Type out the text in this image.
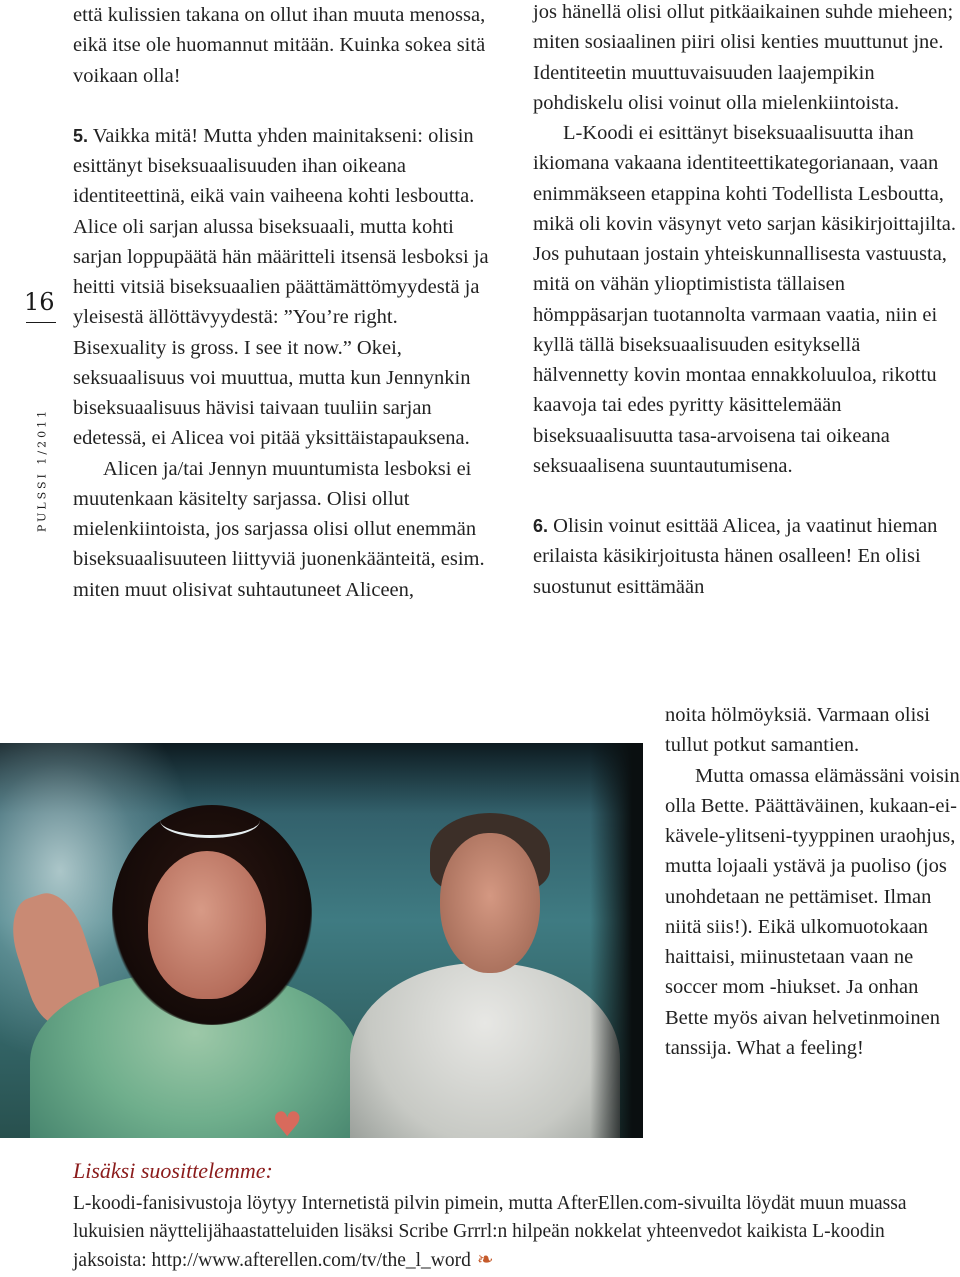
16
PULSSI 1/2011

että kulissien takana on ollut ihan muuta menossa, eikä itse ole huomannut mitään. Kuinka sokea sitä voikaan olla!

5. Vaikka mitä! Mutta yhden mainitakseni: olisin esittänyt biseksuaalisuuden ihan oikeana identiteettinä, eikä vain vaiheena kohti lesboutta. Alice oli sarjan alussa biseksuaali, mutta kohti sarjan loppupäätä hän määritteli itsensä lesboksi ja heitti vitsiä biseksuaalien päättämättömyydestä ja yleisestä ällöttävyydestä: ”You’re right. Bisexuality is gross. I see it now.” Okei, seksuaalisuus voi muuttua, mutta kun Jennynkin biseksuaalisuus hävisi taivaan tuuliin sarjan edetessä, ei Alicea voi pitää yksittäistapauksena.

Alicen ja/tai Jennyn muuntumista lesboksi ei muutenkaan käsitelty sarjassa. Olisi ollut mielenkiintoista, jos sarjassa olisi ollut enemmän biseksuaalisuuteen liittyviä juonenkäänteitä, esim. miten muut olisivat suhtautuneet Aliceen,

jos hänellä olisi ollut pitkäaikainen suhde mieheen; miten sosiaalinen piiri olisi kenties muuttunut jne. Identiteetin muuttuvaisuuden laajempikin pohdiskelu olisi voinut olla mielenkiintoista.

L-Koodi ei esittänyt biseksuaalisuutta ihan ikiomana vakaana identiteettikategorianaan, vaan enimmäkseen etappina kohti Todellista Lesboutta, mikä oli kovin väsynyt veto sarjan käsikirjoittajilta. Jos puhutaan jostain yhteiskunnallisesta vastuusta, mitä on vähän ylioptimistista tällaisen hömppäsarjan tuotannolta varmaan vaatia, niin ei kyllä tällä biseksuaalisuuden esityksellä hälvennetty kovin montaa ennakkoluuloa, rikottu kaavoja tai edes pyritty käsittelemään biseksuaalisuutta tasa-arvoisena tai oikeana seksuaalisena suuntautumisena.

6. Olisin voinut esittää Alicea, ja vaatinut hieman erilaista käsikirjoitusta hänen osalleen! En olisi suostunut esittämään

noita hölmöyksiä. Varmaan olisi tullut potkut samantien.

Mutta omassa elämässäni voisin olla Bette. Päättäväinen, kukaan-ei-kävele-ylitseni-tyyppinen uraohjus, mutta lojaali ystävä ja puoliso (jos unohdetaan ne pettämiset. Ilman niitä siis!). Eikä ulkomuotokaan haittaisi, miinustetaan vaan ne soccer mom -hiukset. Ja onhan Bette myös aivan helvetinmoinen tanssija. What a feeling!

♥
Lisäksi suosittelemme:

L-koodi-fanisivustoja löytyy Internetistä pilvin pimein, mutta AfterEllen.com-sivuilta löydät muun muassa lukuisien näyttelijähaastatteluiden lisäksi Scribe Grrrl:n hilpeän nokkelat yhteenvedot kaikista L-koodin jaksoista: http://www.afterellen.com/tv/the_l_word ❧
